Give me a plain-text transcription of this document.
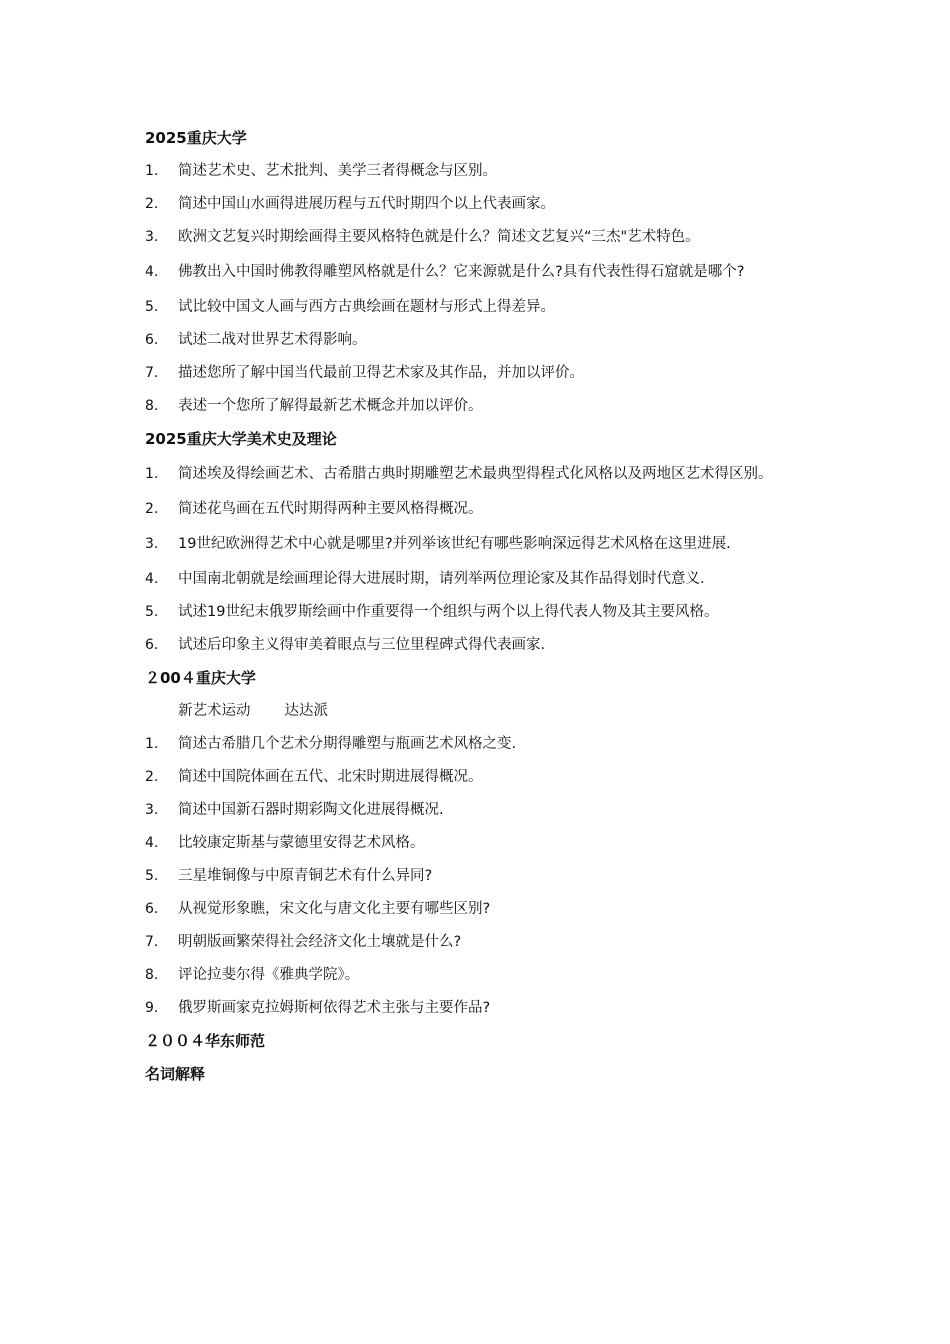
2025重庆大学
1.	简述艺术史、艺术批判、美学三者得概念与区别。
2.	简述中国山水画得进展历程与五代时期四个以上代表画家。
3.	欧洲文艺复兴时期绘画得主要风格特色就是什么？简述文艺复兴“三杰"艺术特色。
4.	佛教出入中国时佛教得雕塑风格就是什么？它来源就是什么?具有代表性得石窟就是哪个?
5.	试比较中国文人画与西方古典绘画在题材与形式上得差异。
6.	试述二战对世界艺术得影响。
7.	描述您所了解中国当代最前卫得艺术家及其作品，并加以评价。
8.	表述一个您所了解得最新艺术概念并加以评价。
2025重庆大学美术史及理论
1.	简述埃及得绘画艺术、古希腊古典时期雕塑艺术最典型得程式化风格以及两地区艺术得区别。
2.	简述花鸟画在五代时期得两种主要风格得概况。
3.	19世纪欧洲得艺术中心就是哪里?并列举该世纪有哪些影响深远得艺术风格在这里进展.
4.	中国南北朝就是绘画理论得大进展时期，请列举两位理论家及其作品得划时代意义.
5.	试述19世纪末俄罗斯绘画中作重要得一个组织与两个以上得代表人物及其主要风格。
6.	试述后印象主义得审美着眼点与三位里程碑式得代表画家.
２00４重庆大学
新艺术运动 达达派
1.	简述古希腊几个艺术分期得雕塑与瓶画艺术风格之变.
2.	简述中国院体画在五代、北宋时期进展得概况。
3.	简述中国新石器时期彩陶文化进展得概况.
4.	比较康定斯基与蒙德里安得艺术风格。
5.	三星堆铜像与中原青铜艺术有什么异同?
6.	从视觉形象瞧，宋文化与唐文化主要有哪些区别?
7.	明朝版画繁荣得社会经济文化土壤就是什么?
8.	评论拉斐尔得《雅典学院》。
9.	俄罗斯画家克拉姆斯柯依得艺术主张与主要作品?
２００４华东师范
名词解释
